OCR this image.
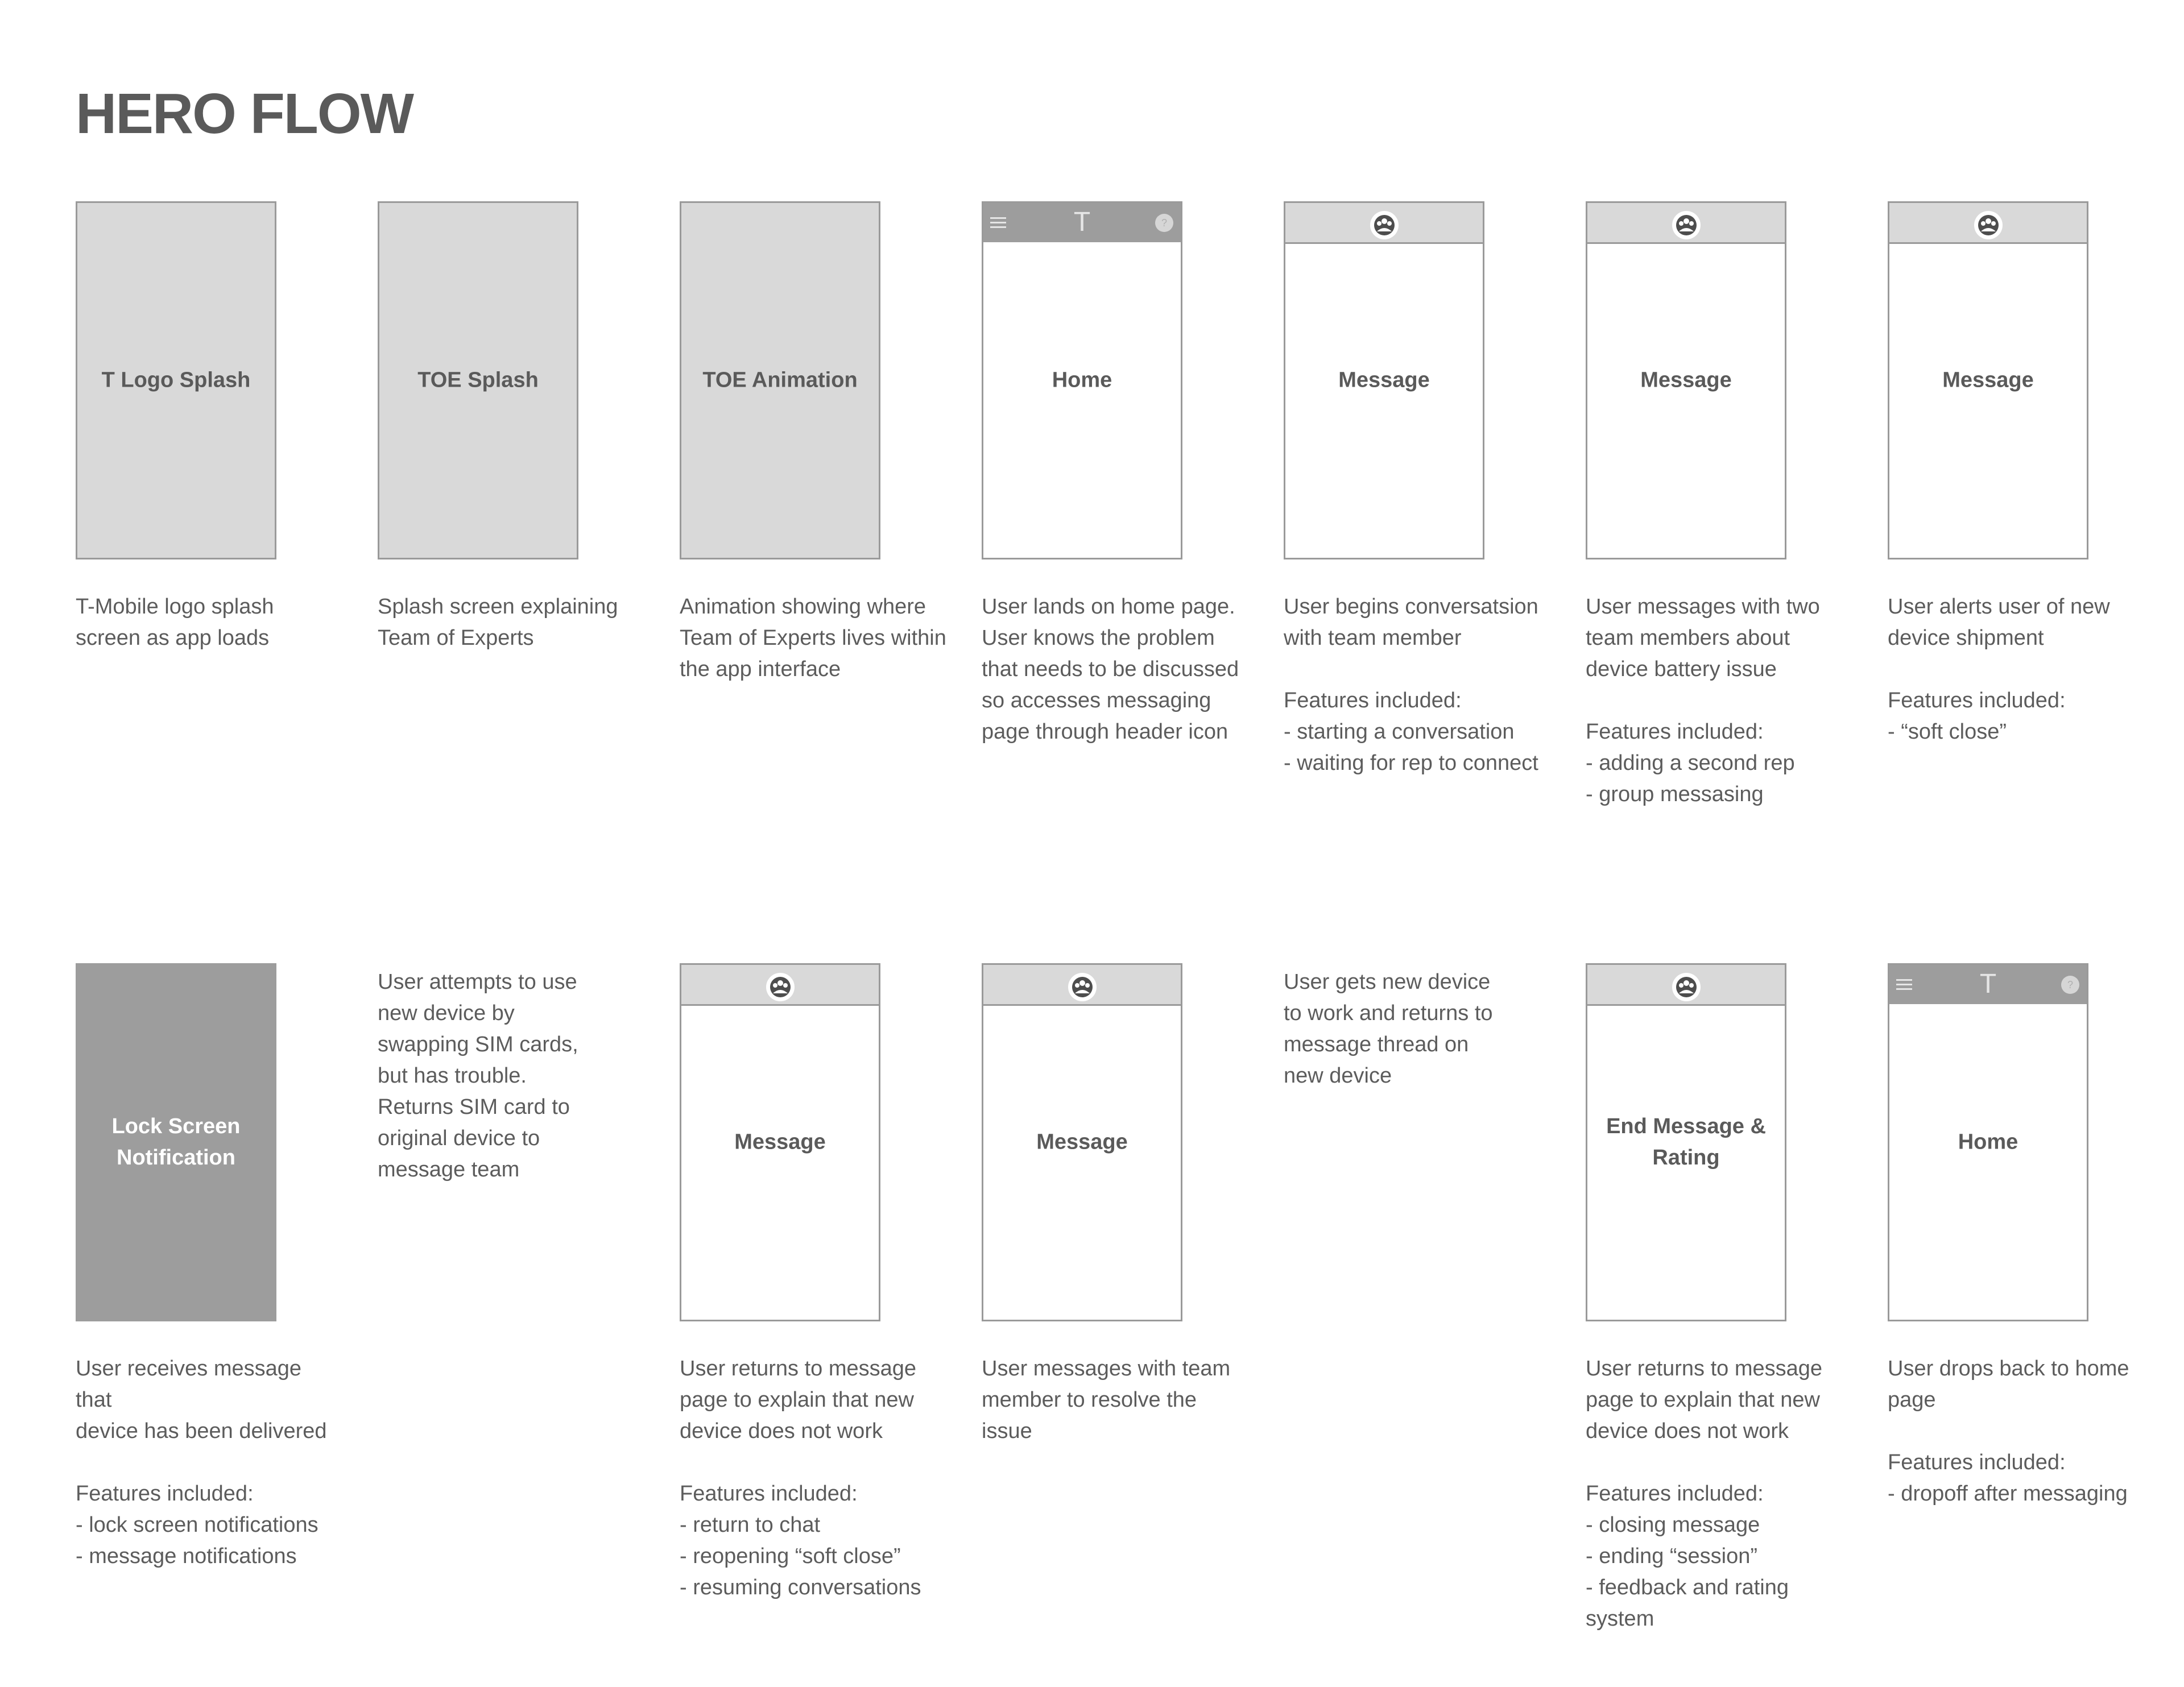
HERO FLOW
T Logo Splash
T-Mobile logo splash
screen as app loads
TOE Splash
Splash screen explaining
Team of Experts
TOE Animation
Animation showing where
Team of Experts lives within
the app interface
T	?
Home
User lands on home page.
User knows the problem
that needs to be discussed
so accesses messaging
page through header icon
Message
User begins conversatsion
with team member
Features included:
- starting a conversation
- waiting for rep to connect
Message
User messages with two
team members about
device battery issue
Features included:
- adding a second rep
- group messasing
Message
User alerts user of new
device shipment
Features included:
- “soft close”
Lock Screen
Notification
User receives message that
device has been delivered
Features included:
- lock screen notifications
- message notifications
User attempts to use
new device by
swapping SIM cards,
but has trouble.
Returns SIM card to
original device to
message team
Message
User returns to message
page to explain that new
device does not work
Features included:
- return to chat
- reopening “soft close”
- resuming conversations
Message
User messages with team
member to resolve the
issue
User gets new device
to work and returns to
message thread on
new device
End Message &
Rating
User returns to message
page to explain that new
device does not work
Features included:
- closing message
- ending “session”
- feedback and rating
system
T	?
Home
User drops back to home
page
Features included:
- dropoff after messaging
